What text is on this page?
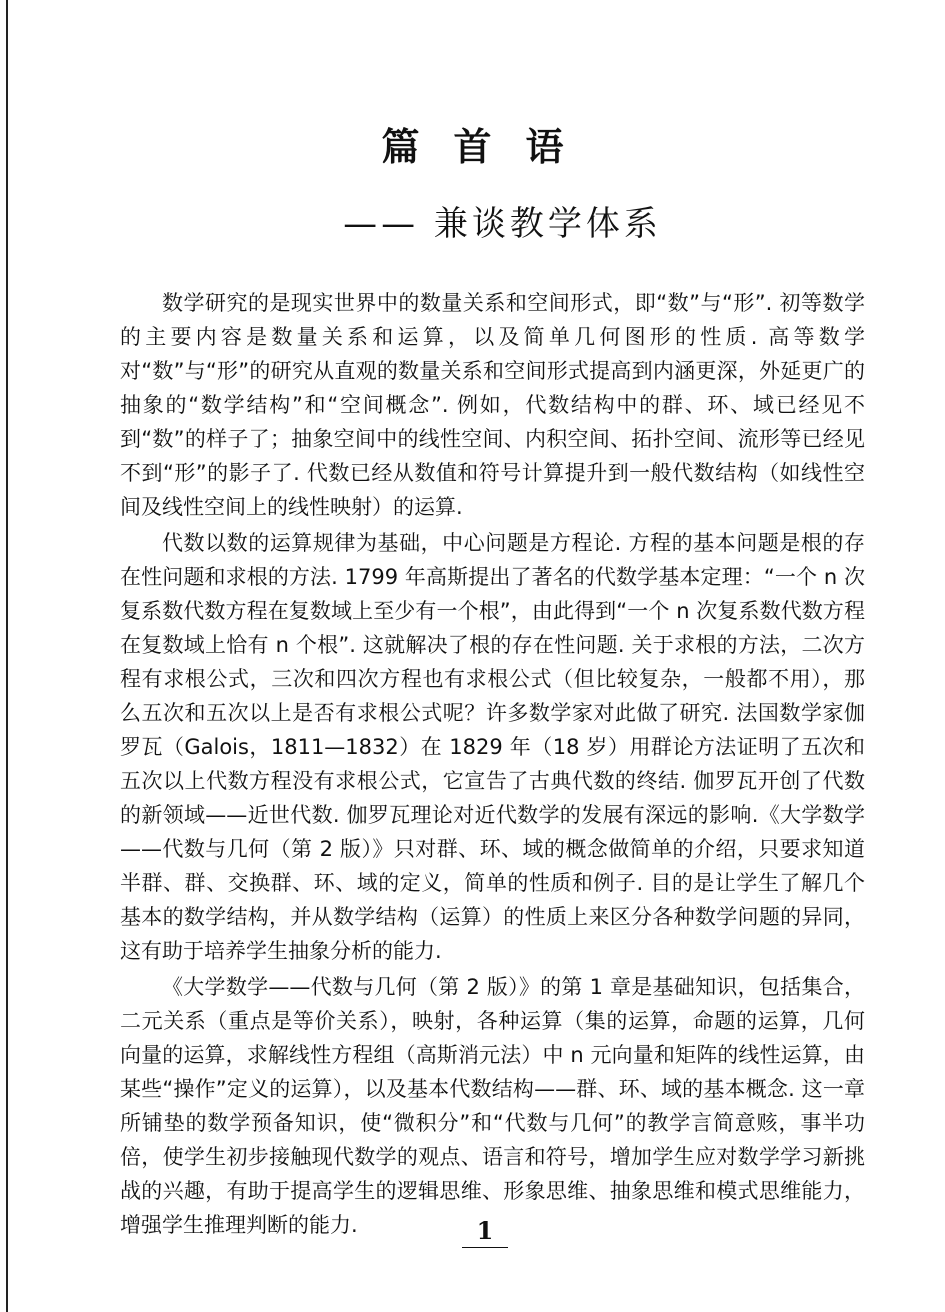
篇首语
—— 兼谈教学体系

数学研究的是现实世界中的数量关系和空间形式，即“数”与“形”. 初等数学的主要内容是数量关系和运算，以及简单几何图形的性质. 高等数学对“数”与“形”的研究从直观的数量关系和空间形式提高到内涵更深，外延更广的抽象的“数学结构”和“空间概念”. 例如，代数结构中的群、环、域已经见不到“数”的样子了；抽象空间中的线性空间、内积空间、拓扑空间、流形等已经见不到“形”的影子了. 代数已经从数值和符号计算提升到一般代数结构（如线性空间及线性空间上的线性映射）的运算.

代数以数的运算规律为基础，中心问题是方程论. 方程的基本问题是根的存在性问题和求根的方法. 1799 年高斯提出了著名的代数学基本定理：“一个 n 次复系数代数方程在复数域上至少有一个根”，由此得到“一个 n 次复系数代数方程在复数域上恰有 n 个根”. 这就解决了根的存在性问题. 关于求根的方法，二次方程有求根公式，三次和四次方程也有求根公式（但比较复杂，一般都不用），那么五次和五次以上是否有求根公式呢？许多数学家对此做了研究. 法国数学家伽罗瓦（Galois，1811—1832）在 1829 年（18 岁）用群论方法证明了五次和五次以上代数方程没有求根公式，它宣告了古典代数的终结. 伽罗瓦开创了代数的新领域——近世代数. 伽罗瓦理论对近代数学的发展有深远的影响.《大学数学——代数与几何（第 2 版）》只对群、环、域的概念做简单的介绍，只要求知道半群、群、交换群、环、域的定义，简单的性质和例子. 目的是让学生了解几个基本的数学结构，并从数学结构（运算）的性质上来区分各种数学问题的异同，这有助于培养学生抽象分析的能力.

《大学数学——代数与几何（第 2 版）》的第 1 章是基础知识，包括集合，二元关系（重点是等价关系），映射，各种运算（集的运算，命题的运算，几何向量的运算，求解线性方程组（高斯消元法）中 n 元向量和矩阵的线性运算，由某些“操作”定义的运算），以及基本代数结构——群、环、域的基本概念. 这一章所铺垫的数学预备知识，使“微积分”和“代数与几何”的教学言简意赅，事半功倍，使学生初步接触现代数学的观点、语言和符号，增加学生应对数学学习新挑战的兴趣，有助于提高学生的逻辑思维、形象思维、抽象思维和模式思维能力，增强学生推理判断的能力.	1
